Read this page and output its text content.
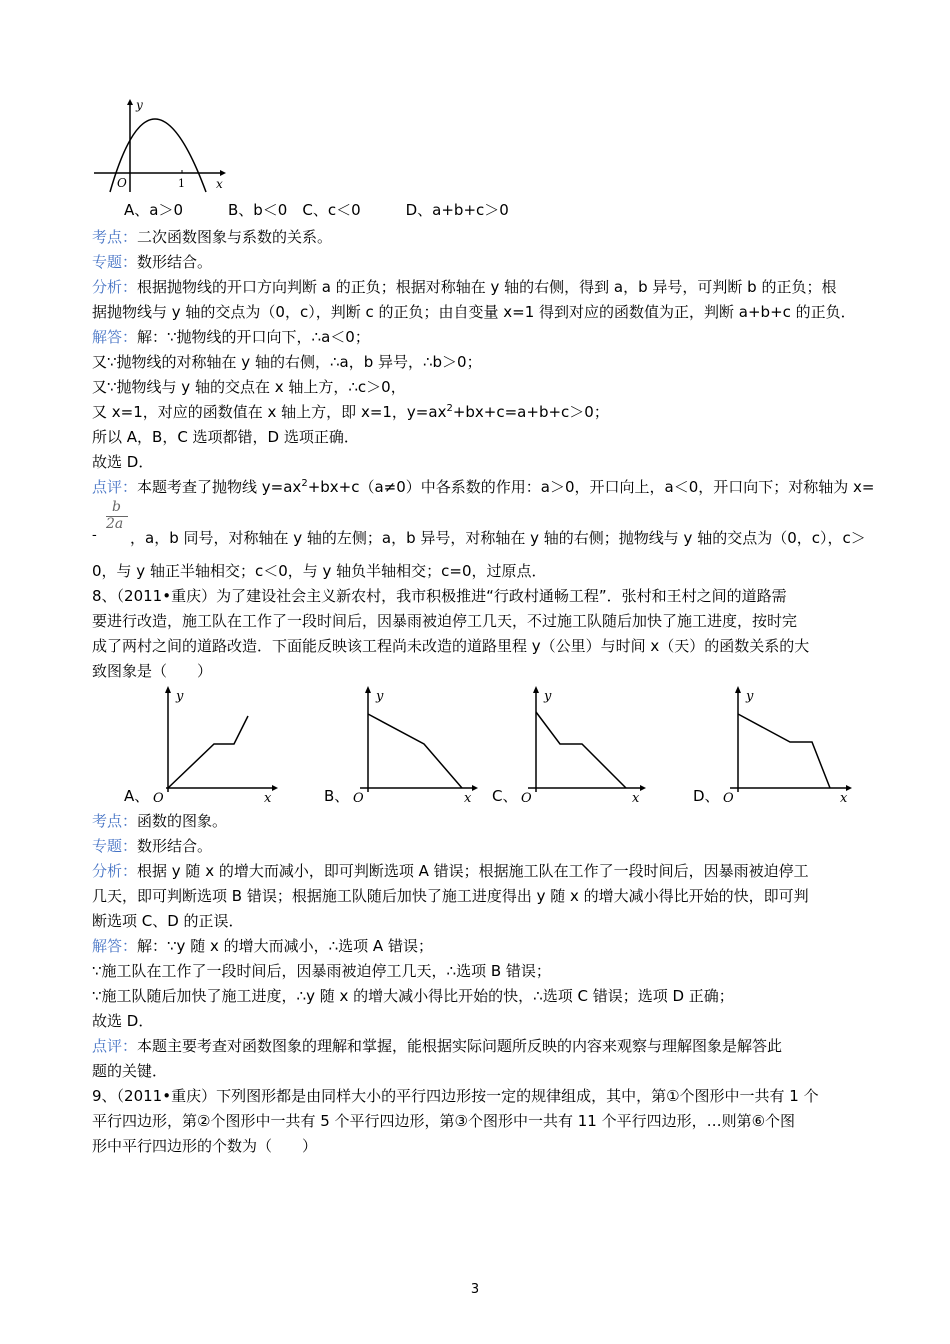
y
x
O	1
A、a＞0　　　B、b＜0　C、c＜0　　　D、a+b+c＞0
考点：二次函数图象与系数的关系。
专题：数形结合。
分析：根据抛物线的开口方向判断 a 的正负；根据对称轴在 y 轴的右侧，得到 a，b 异号，可判断 b 的正负；根
据抛物线与 y 轴的交点为（0，c），判断 c 的正负；由自变量 x=1 得到对应的函数值为正，判断 a+b+c 的正负．
解答：解：∵抛物线的开口向下，∴a＜0；
又∵抛物线的对称轴在 y 轴的右侧，∴a，b 异号，∴b＞0；
又∵抛物线与 y 轴的交点在 x 轴上方，∴c＞0，
又 x=1，对应的函数值在 x 轴上方，即 x=1，$y=ax^2+bx+c=a+b+c>0$；
所以 A，B，C 选项都错，D 选项正确．
故选 D．
点评：本题考查了抛物线 $y=ax^2+bx+c(a\ne 0)$中各系数的作用：a＞0，开口向上，a＜0，开口向下；对称轴为 x=
-
b
2a
，a，b 同号，对称轴在 y 轴的左侧；a，b 异号，对称轴在 y 轴的右侧；抛物线与 y 轴的交点为（0，c），c＞
0，与 y 轴正半轴相交；c＜0，与 y 轴负半轴相交；c=0，过原点．
8、（2011•重庆）为了建设社会主义新农村，我市积极推进“行政村通畅工程”．张村和王村之间的道路需
要进行改造，施工队在工作了一段时间后，因暴雨被迫停工几天，不过施工队随后加快了施工进度，按时完
成了两村之间的道路改造．下面能反映该工程尚未改造的道路里程 y（公里）与时间 x（天）的函数关系的大
致图象是（　　）
A、
y
x
O	B、
y
x
O	C、
y
x
O	D、
y
x
O
考点：函数的图象。
专题：数形结合。
分析：根据 y 随 x 的增大而减小，即可判断选项 A 错误；根据施工队在工作了一段时间后，因暴雨被迫停工
几天，即可判断选项 B 错误；根据施工队随后加快了施工进度得出 y 随 x 的增大减小得比开始的快，即可判
断选项 C、D 的正误．
解答：解：∵y 随 x 的增大而减小，∴选项 A 错误；
∵施工队在工作了一段时间后，因暴雨被迫停工几天，∴选项 B 错误；
∵施工队随后加快了施工进度，∴y 随 x 的增大减小得比开始的快，∴选项 C 错误；选项 D 正确；
故选 D．
点评：本题主要考查对函数图象的理解和掌握，能根据实际问题所反映的内容来观察与理解图象是解答此
题的关键．
9、（2011•重庆）下列图形都是由同样大小的平行四边形按一定的规律组成，其中，第①个图形中一共有 1 个
平行四边形，第②个图形中一共有 5 个平行四边形，第③个图形中一共有 11 个平行四边形，…则第⑥个图
形中平行四边形的个数为（　　）
3
